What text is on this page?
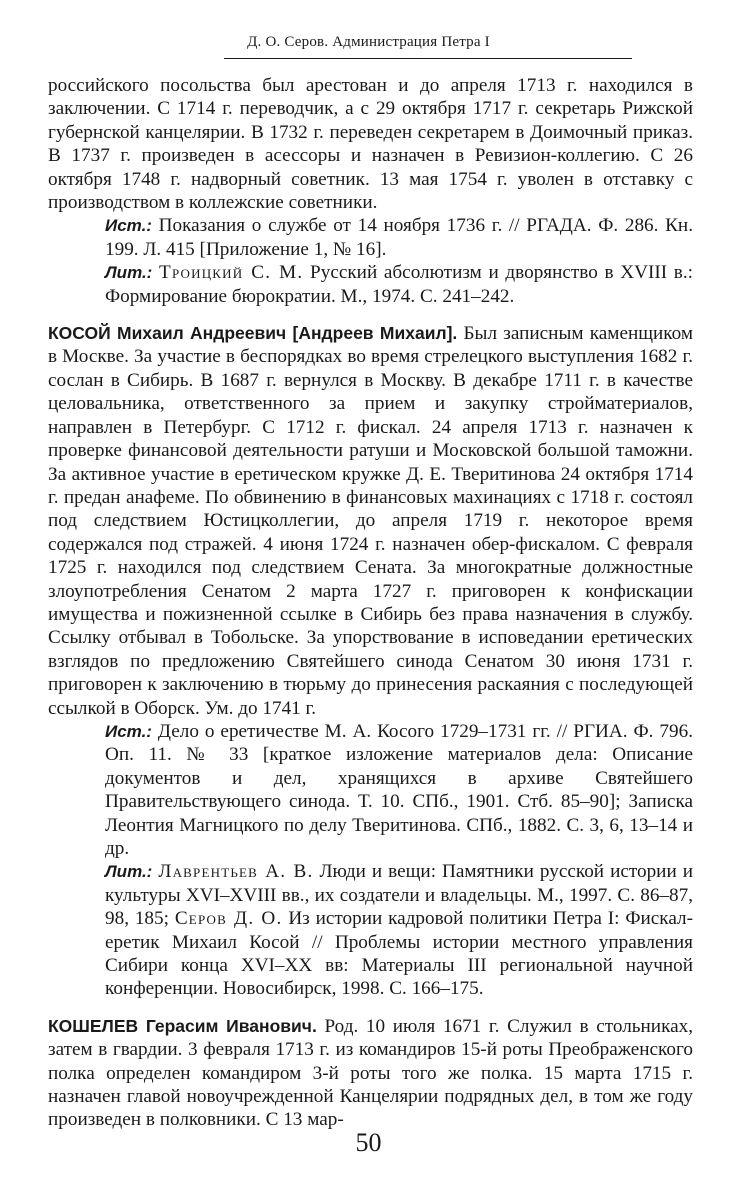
Д. О. Серов. Администрация Петра I

российского посольства был арестован и до апреля 1713 г. находился в заключении. С 1714 г. переводчик, а с 29 октября 1717 г. секретарь Рижской губернской канцелярии. В 1732 г. переведен секретарем в Доимочный приказ. В 1737 г. произведен в асессоры и назначен в Ревизион-коллегию. С 26 октября 1748 г. надворный советник. 13 мая 1754 г. уволен в отставку с производством в коллежские советники.

Ист.: Показания о службе от 14 ноября 1736 г. // РГАДА. Ф. 286. Кн. 199. Л. 415 [Приложение 1, № 16].

Лит.: Троицкий С. М. Русский абсолютизм и дворянство в XVIII в.: Формирование бюрократии. М., 1974. С. 241–242.

КОСОЙ Михаил Андреевич [Андреев Михаил]. Был записным каменщиком в Москве. За участие в беспорядках во время стрелецкого выступления 1682 г. сослан в Сибирь. В 1687 г. вернулся в Москву. В декабре 1711 г. в качестве целовальника, ответственного за прием и закупку стройматериалов, направлен в Петербург. С 1712 г. фискал. 24 апреля 1713 г. назначен к проверке финансовой деятельности ратуши и Московской большой таможни. За активное участие в еретическом кружке Д. Е. Тверитинова 24 октября 1714 г. предан анафеме. По обвинению в финансовых махинациях с 1718 г. состоял под следствием Юстицколлегии, до апреля 1719 г. некоторое время содержался под стражей. 4 июня 1724 г. назначен обер-фискалом. С февраля 1725 г. находился под следствием Сената. За многократные должностные злоупотребления Сенатом 2 марта 1727 г. приговорен к конфискации имущества и пожизненной ссылке в Сибирь без права назначения в службу. Ссылку отбывал в Тобольске. За упорствование в исповедании еретических взглядов по предложению Святейшего синода Сенатом 30 июня 1731 г. приговорен к заключению в тюрьму до принесения раскаяния с последующей ссылкой в Оборск. Ум. до 1741 г.

Ист.: Дело о еретичестве М. А. Косого 1729–1731 гг. // РГИА. Ф. 796. Оп. 11. № 33 [краткое изложение материалов дела: Описание документов и дел, хранящихся в архиве Святейшего Правительствующего синода. Т. 10. СПб., 1901. Стб. 85–90]; Записка Леонтия Магницкого по делу Тверитинова. СПб., 1882. С. 3, 6, 13–14 и др.

Лит.: Лаврентьев А. В. Люди и вещи: Памятники русской истории и культуры XVI–XVIII вв., их создатели и владельцы. М., 1997. С. 86–87, 98, 185; Серов Д. О. Из истории кадровой политики Петра I: Фискал-еретик Михаил Косой // Проблемы истории местного управления Сибири конца XVI–XX вв: Материалы III региональной научной конференции. Новосибирск, 1998. С. 166–175.

КОШЕЛЕВ Герасим Иванович. Род. 10 июля 1671 г. Служил в стольниках, затем в гвардии. 3 февраля 1713 г. из командиров 15-й роты Преображенского полка определен командиром 3-й роты того же полка. 15 марта 1715 г. назначен главой новоучрежденной Канцелярии подрядных дел, в том же году произведен в полковники. С 13 мар-

50
